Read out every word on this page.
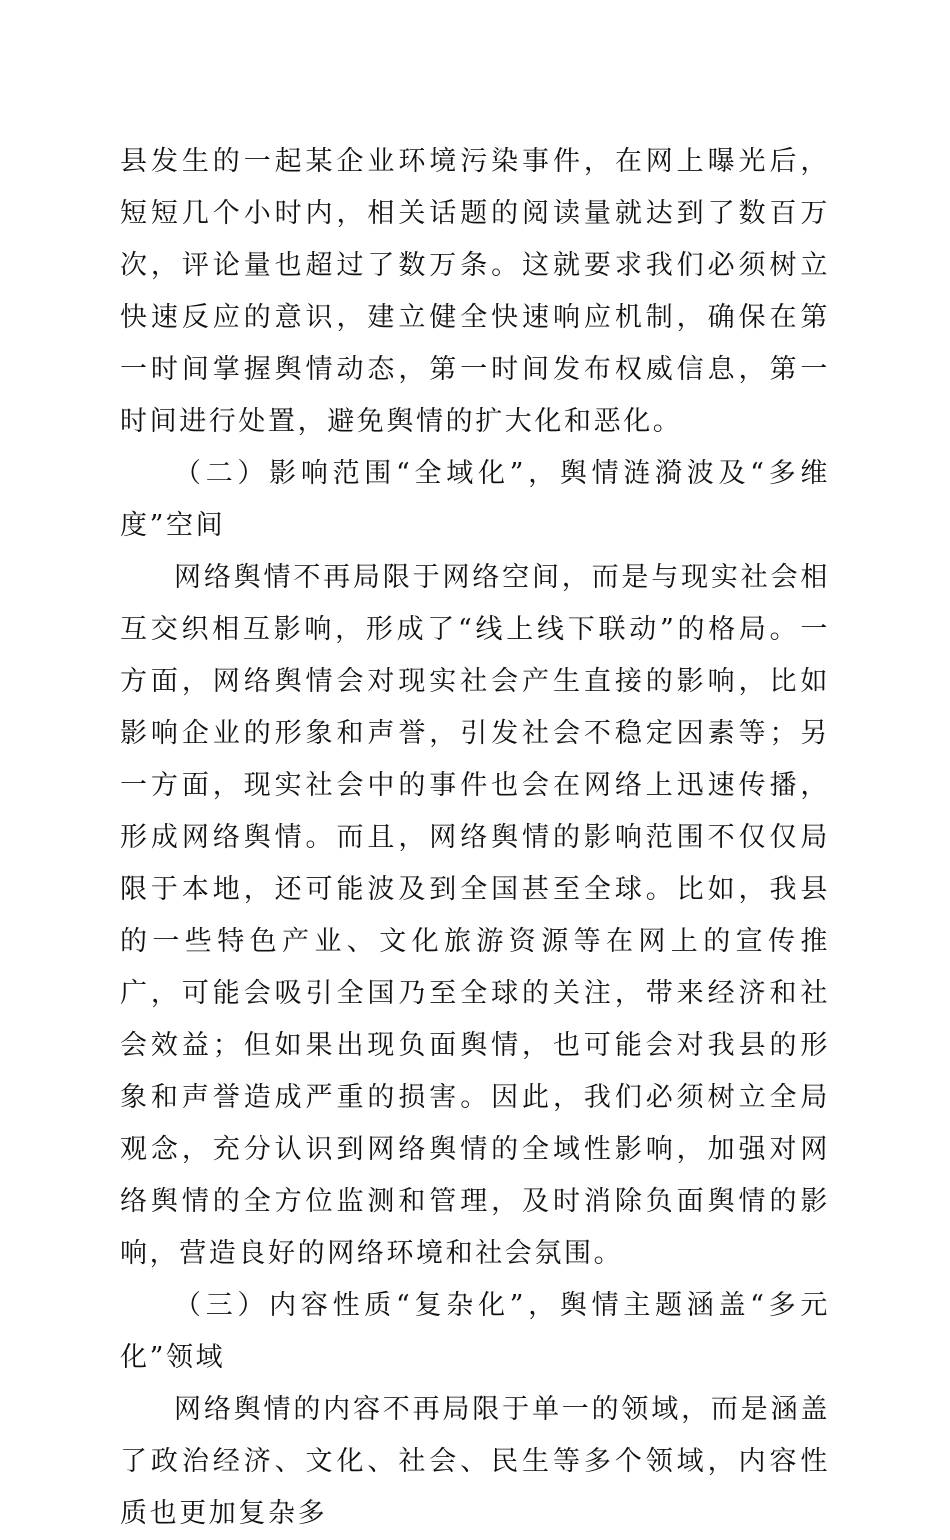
县发生的一起某企业环境污染事件，在网上曝光后，短短几个小时内，相关话题的阅读量就达到了数百万次，评论量也超过了数万条。这就要求我们必须树立快速反应的意识，建立健全快速响应机制，确保在第一时间掌握舆情动态，第一时间发布权威信息，第一时间进行处置，避免舆情的扩大化和恶化。

（二）影响范围“全域化”，舆情涟漪波及“多维度”空间

网络舆情不再局限于网络空间，而是与现实社会相互交织相互影响，形成了“线上线下联动”的格局。一方面，网络舆情会对现实社会产生直接的影响，比如影响企业的形象和声誉，引发社会不稳定因素等；另一方面，现实社会中的事件也会在网络上迅速传播，形成网络舆情。而且，网络舆情的影响范围不仅仅局限于本地，还可能波及到全国甚至全球。比如，我县的一些特色产业、文化旅游资源等在网上的宣传推广，可能会吸引全国乃至全球的关注，带来经济和社会效益；但如果出现负面舆情，也可能会对我县的形象和声誉造成严重的损害。因此，我们必须树立全局观念，充分认识到网络舆情的全域性影响，加强对网络舆情的全方位监测和管理，及时消除负面舆情的影响，营造良好的网络环境和社会氛围。

（三）内容性质“复杂化”，舆情主题涵盖“多元化”领域

网络舆情的内容不再局限于单一的领域，而是涵盖了政治经济、文化、社会、民生等多个领域，内容性质也更加复杂多
